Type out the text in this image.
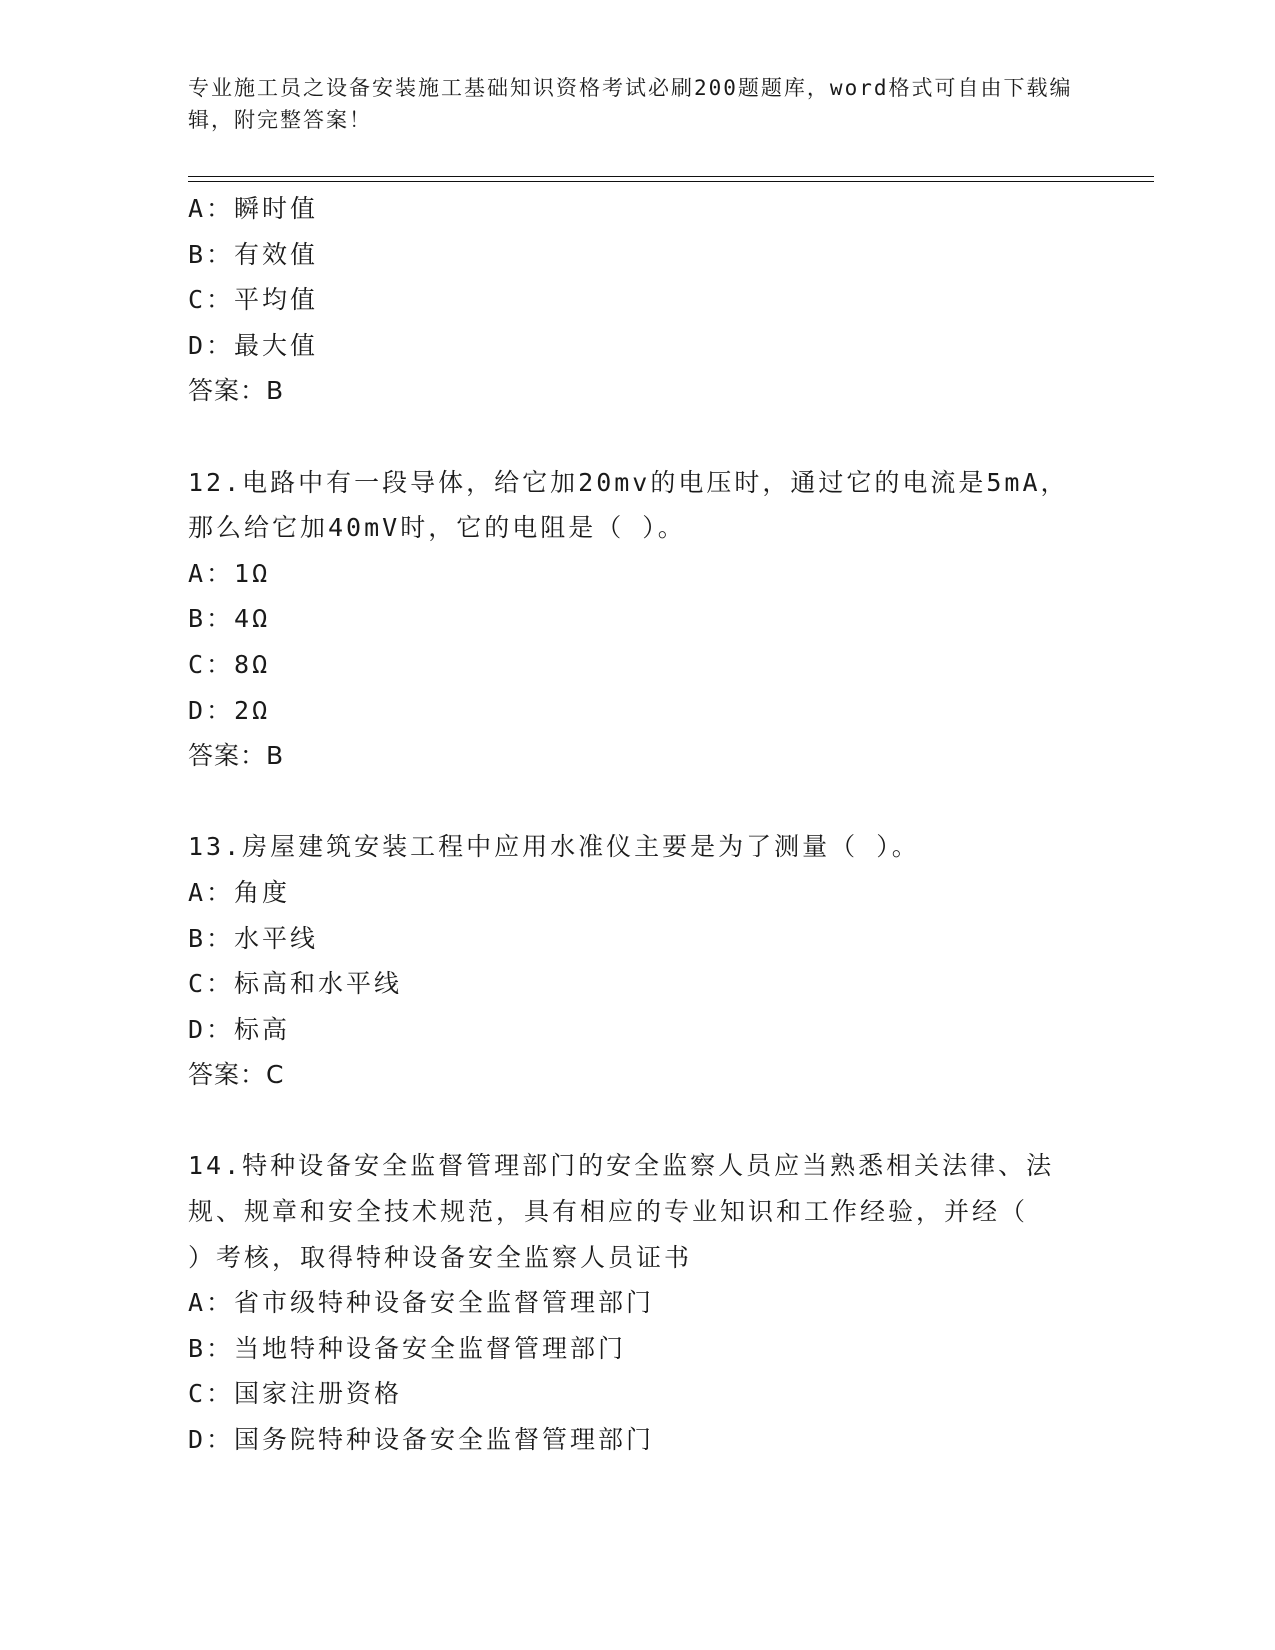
专业施工员之设备安装施工基础知识资格考试必刷200题题库，word格式可自由下载编辑，附完整答案！
A：瞬时值
B：有效值
C：平均值
D：最大值
答案：B
12.电路中有一段导体，给它加20mv的电压时，通过它的电流是5mA，
那么给它加40mV时，它的电阻是（ ）。
A：1Ω
B：4Ω
C：8Ω
D：2Ω
答案：B
13.房屋建筑安装工程中应用水准仪主要是为了测量（ ）。
A：角度
B：水平线
C：标高和水平线
D：标高
答案：C
14.特种设备安全监督管理部门的安全监察人员应当熟悉相关法律、法
规、规章和安全技术规范，具有相应的专业知识和工作经验，并经（
）考核，取得特种设备安全监察人员证书
A：省市级特种设备安全监督管理部门
B：当地特种设备安全监督管理部门
C：国家注册资格
D：国务院特种设备安全监督管理部门
